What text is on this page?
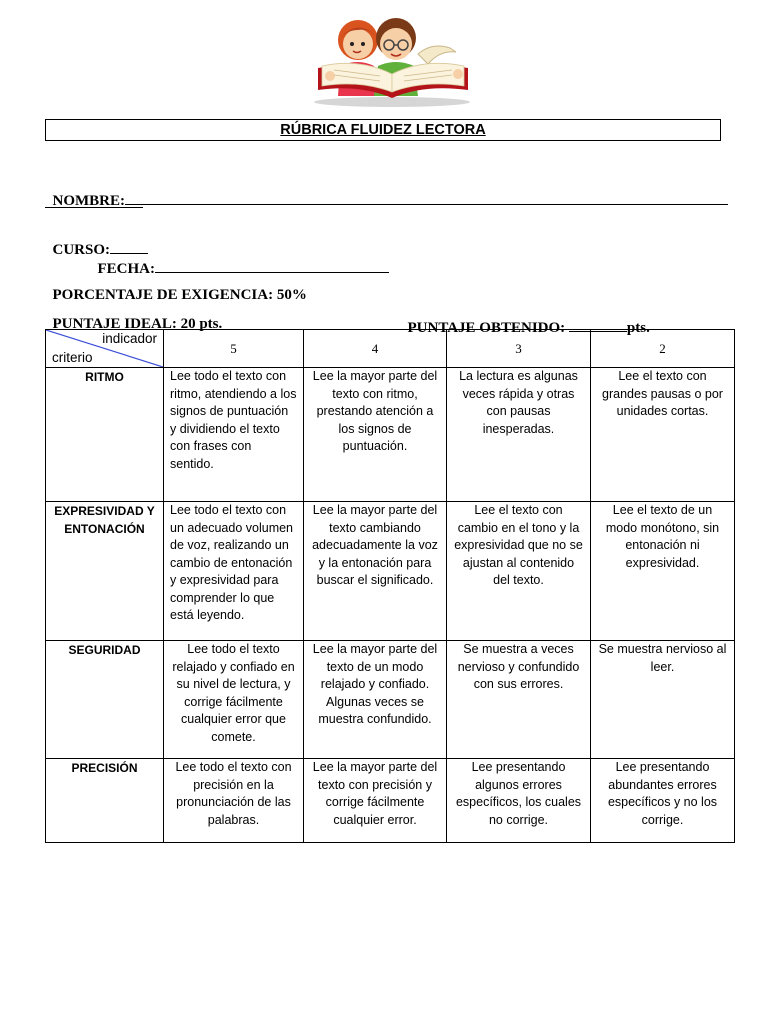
RÚBRICA FLUIDEZ LECTORA

NOMBRE:

CURSO:

FECHA:

PORCENTAJE DE EXIGENCIA: 50%

PUNTAJE IDEAL: 20 pts.	PUNTAJE OBTENIDO:	pts.

indicador
criterio	5	4	3	2
RITMO	Lee todo el texto con ritmo, atendiendo a los signos de puntuación y dividiendo el texto con frases con sentido.	Lee la mayor parte del texto con ritmo, prestando atención a los signos de puntuación.	La lectura es algunas veces rápida y otras con pausas inesperadas.	Lee el texto con grandes pausas o por unidades cortas.
EXPRESIVIDAD Y ENTONACIÓN	Lee todo el texto con un adecuado volumen de voz, realizando un cambio de entonación y expresividad para comprender lo que está leyendo.	Lee la mayor parte del texto cambiando adecuadamente la voz y la entonación para buscar el significado.	Lee el texto con cambio en el tono y la expresividad que no se ajustan al contenido del texto.	Lee el texto de un modo monótono, sin entonación ni expresividad.
SEGURIDAD	Lee todo el texto relajado y confiado en su nivel de lectura, y corrige fácilmente cualquier error que comete.	Lee la mayor parte del texto de un modo relajado y confiado. Algunas veces se muestra confundido.	Se muestra a veces nervioso y confundido con sus errores.	Se muestra nervioso al leer.
PRECISIÓN	Lee todo el texto con precisión en la pronunciación de las palabras.	Lee la mayor parte del texto con precisión y corrige fácilmente cualquier error.	Lee presentando algunos errores específicos, los cuales no corrige.	Lee presentando abundantes errores específicos y no los corrige.
